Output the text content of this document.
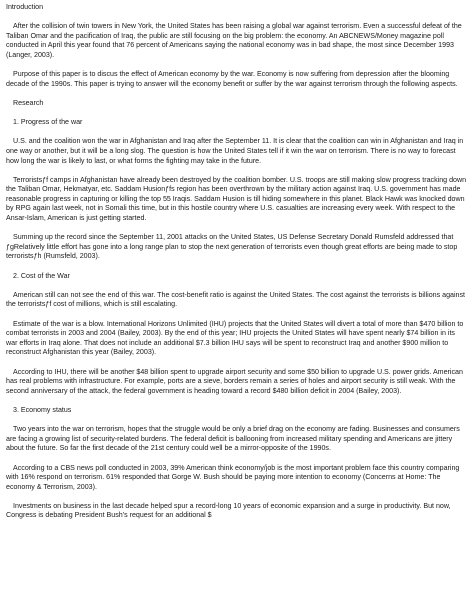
Introduction

After the collision of twin towers in New York, the United States has been raising a global war against terrorism. Even a successful defeat of the Taliban Omar and the pacification of Iraq, the public are still focusing on the big problem: the economy. An ABCNEWS/Money magazine poll conducted in April this year found that 76 percent of Americans saying the national economy was in bad shape, the most since December 1993 (Langer, 2003).

Purpose of this paper is to discus the effect of American economy by the war. Economy is now suffering from depression after the blooming decade of the 1990s. This paper is trying to answer will the economy benefit or suffer by the war against terrorism through the following aspects.

Research

1. Progress of the war

U.S. and the coalition won the war in Afghanistan and Iraq after the September 11. It is clear that the coalition can win in Afghanistan and Iraq in one way or another, but it will be a long slog. The question is how the United States tell if it win the war on terrorism. There is no way to forecast how long the war is likely to last, or what forms the fighting may take in the future.

Terroristsƒf camps in Afghanistan have already been destroyed by the coalition bomber. U.S. troops are still making slow progress tracking down the Taliban Omar, Hekmatyar, etc. Saddam Husionƒfs region has been overthrown by the military action against Iraq. U.S. government has made reasonable progress in capturing or killing the top 55 Iraqis. Saddam Husion is till hiding somewhere in this planet. Black Hawk was knocked down by RPG again last week, not in Somali this time, but in this hostile country where U.S. casualties are increasing every week. With respect to the Ansar-Islam, American is just getting started.

Summing up the record since the September 11, 2001 attacks on the United States, US Defense Secretary Donald Rumsfeld addressed that ƒgRelatively little effort has gone into a long range plan to stop the next generation of terrorists even though great efforts are being made to stop terroristsƒh (Rumsfeld, 2003).

2. Cost of the War

American still can not see the end of this war. The cost-benefit ratio is against the United States. The cost against the terrorists is billions against the terroristsƒf cost of millions, which is still escalating.

Estimate of the war is a blow. International Horizons Unlimited (IHU) projects that the United States will divert a total of more than $470 billion to combat terrorists in 2003 and 2004 (Bailey, 2003). By the end of this year; IHU projects the United States will have spent nearly $74 billion in its war efforts in Iraq alone. That does not include an additional $7.3 billion IHU says will be spent to reconstruct Iraq and another $900 million to reconstruct Afghanistan this year (Bailey, 2003).

According to IHU, there will be another $48 billion spent to upgrade airport security and some $50 billion to upgrade U.S. power grids. American has real problems with infrastructure. For example, ports are a sieve, borders remain a series of holes and airport security is still weak. With the second anniversary of the attack, the federal government is heading toward a record $480 billion deficit in 2004 (Bailey, 2003).

3. Economy status

Two years into the war on terrorism, hopes that the struggle would be only a brief drag on the economy are fading. Businesses and consumers are facing a growing list of security-related burdens. The federal deficit is ballooning from increased military spending and Americans are jittery about the future. So far the first decade of the 21st century could well be a mirror-opposite of the 1990s.

According to a CBS news poll conducted in 2003, 39% American think economy/job is the most important problem face this country comparing with 16% respond on terrorism. 61% responded that Gorge W. Bush should be paying more intention to economy (Concerns at Home: The economy & Terrorism, 2003).

Investments on business in the last decade helped spur a record-long 10 years of economic expansion and a surge in productivity. But now, Congress is debating President Bush's request for an additional $
